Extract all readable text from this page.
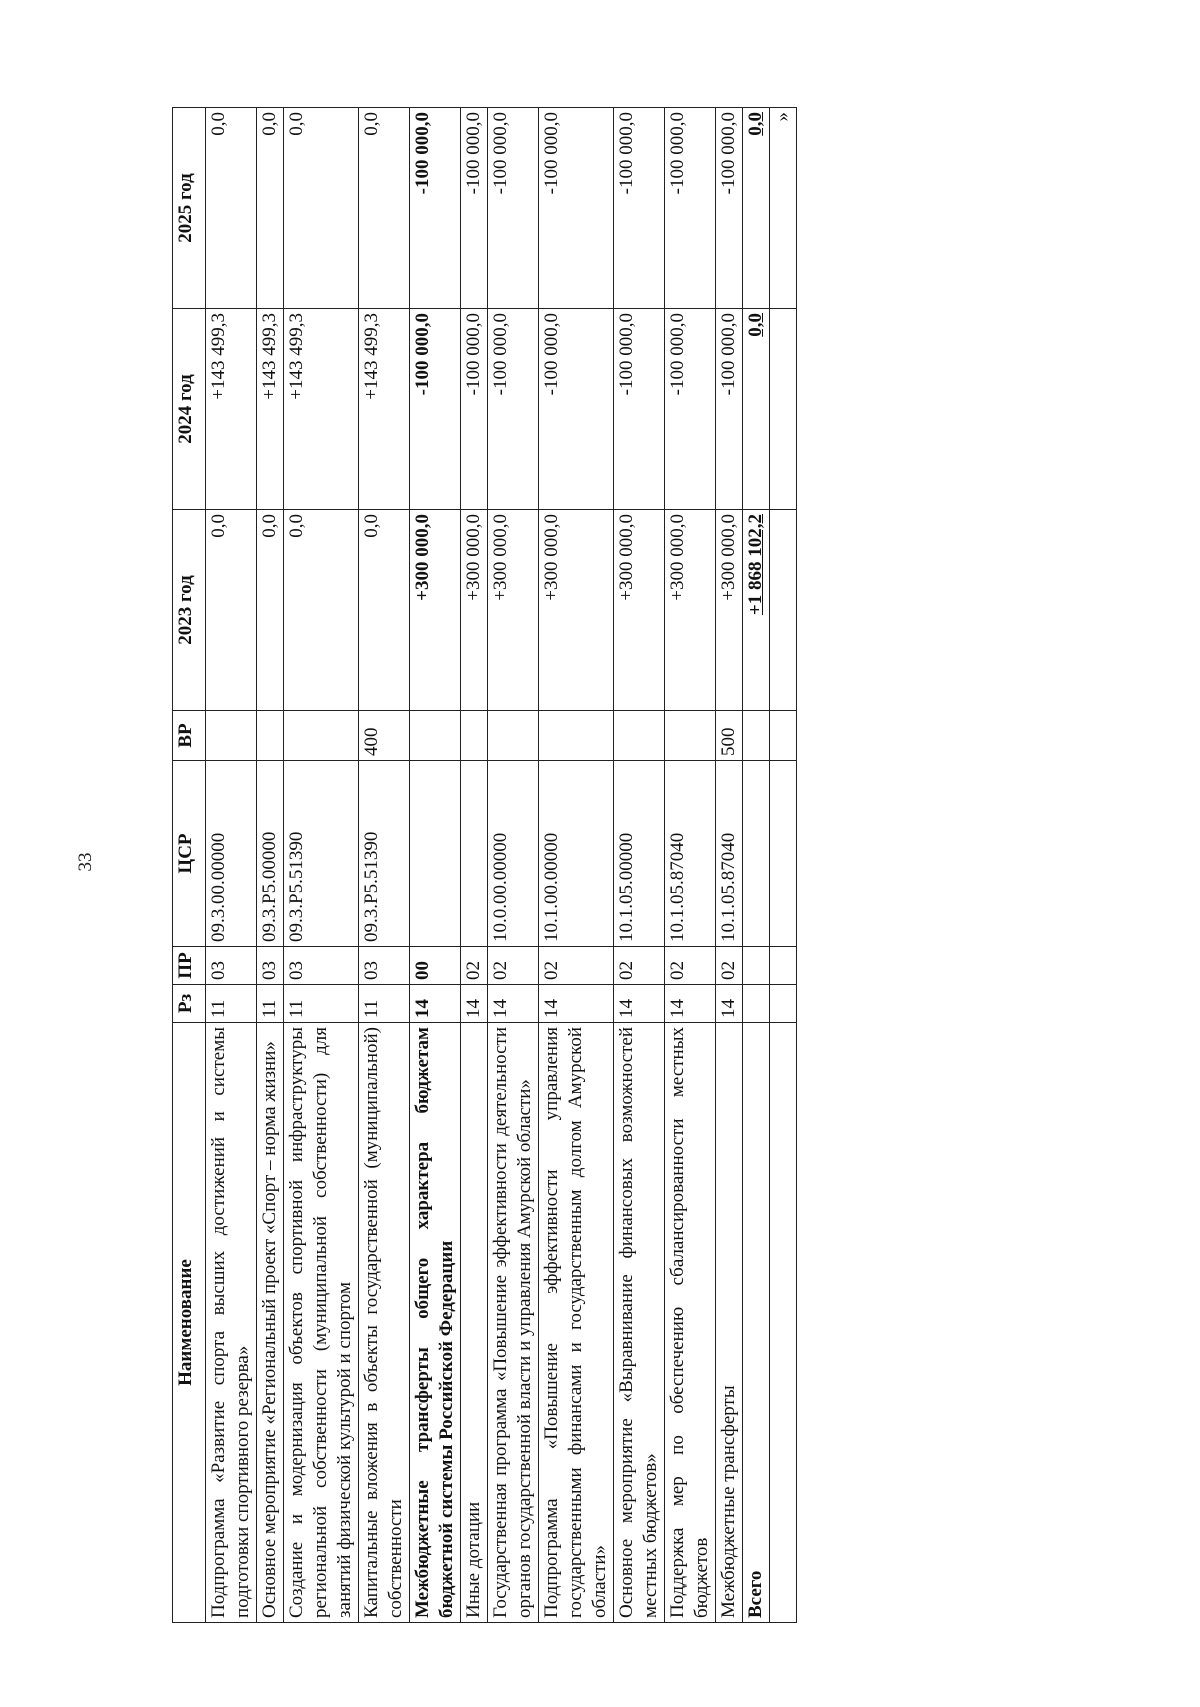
33
Наименование	Рз	ПР	ЦСР	ВР	2023 год	2024 год	2025 год
Подпрограмма «Развитие спорта высших достижений и системы подготовки спортивного резерва»	11	03	09.3.00.00000		0,0	+143 499,3	0,0
Основное мероприятие «Региональный проект «Спорт – норма жизни»	11	03	09.3.P5.00000		0,0	+143 499,3	0,0
Создание и модернизация объектов спортивной инфраструктуры региональной собственности (муниципальной собственности) для занятий физической культурой и спортом	11	03	09.3.P5.51390		0,0	+143 499,3	0,0
Капитальные вложения в объекты государственной (муниципальной) собственности	11	03	09.3.P5.51390	400	0,0	+143 499,3	0,0
Межбюджетные трансферты общего характера бюджетам бюджетной системы Российской Федерации	14	00			+300 000,0	-100 000,0	-100 000,0
Иные дотации	14	02			+300 000,0	-100 000,0	-100 000,0
Государственная программа «Повышение эффективности деятельности органов государственной власти и управления Амурской области»	14	02	10.0.00.00000		+300 000,0	-100 000,0	-100 000,0
Подпрограмма «Повышение эффективности управления государственными финансами и государственным долгом Амурской области»	14	02	10.1.00.00000		+300 000,0	-100 000,0	-100 000,0
Основное мероприятие «Выравнивание финансовых возможностей местных бюджетов»	14	02	10.1.05.00000		+300 000,0	-100 000,0	-100 000,0
Поддержка мер по обеспечению сбалансированности местных бюджетов	14	02	10.1.05.87040		+300 000,0	-100 000,0	-100 000,0
Межбюджетные трансферты	14	02	10.1.05.87040	500	+300 000,0	-100 000,0	-100 000,0
Всего					+1 868 102,2	0,0	0,0
							»
